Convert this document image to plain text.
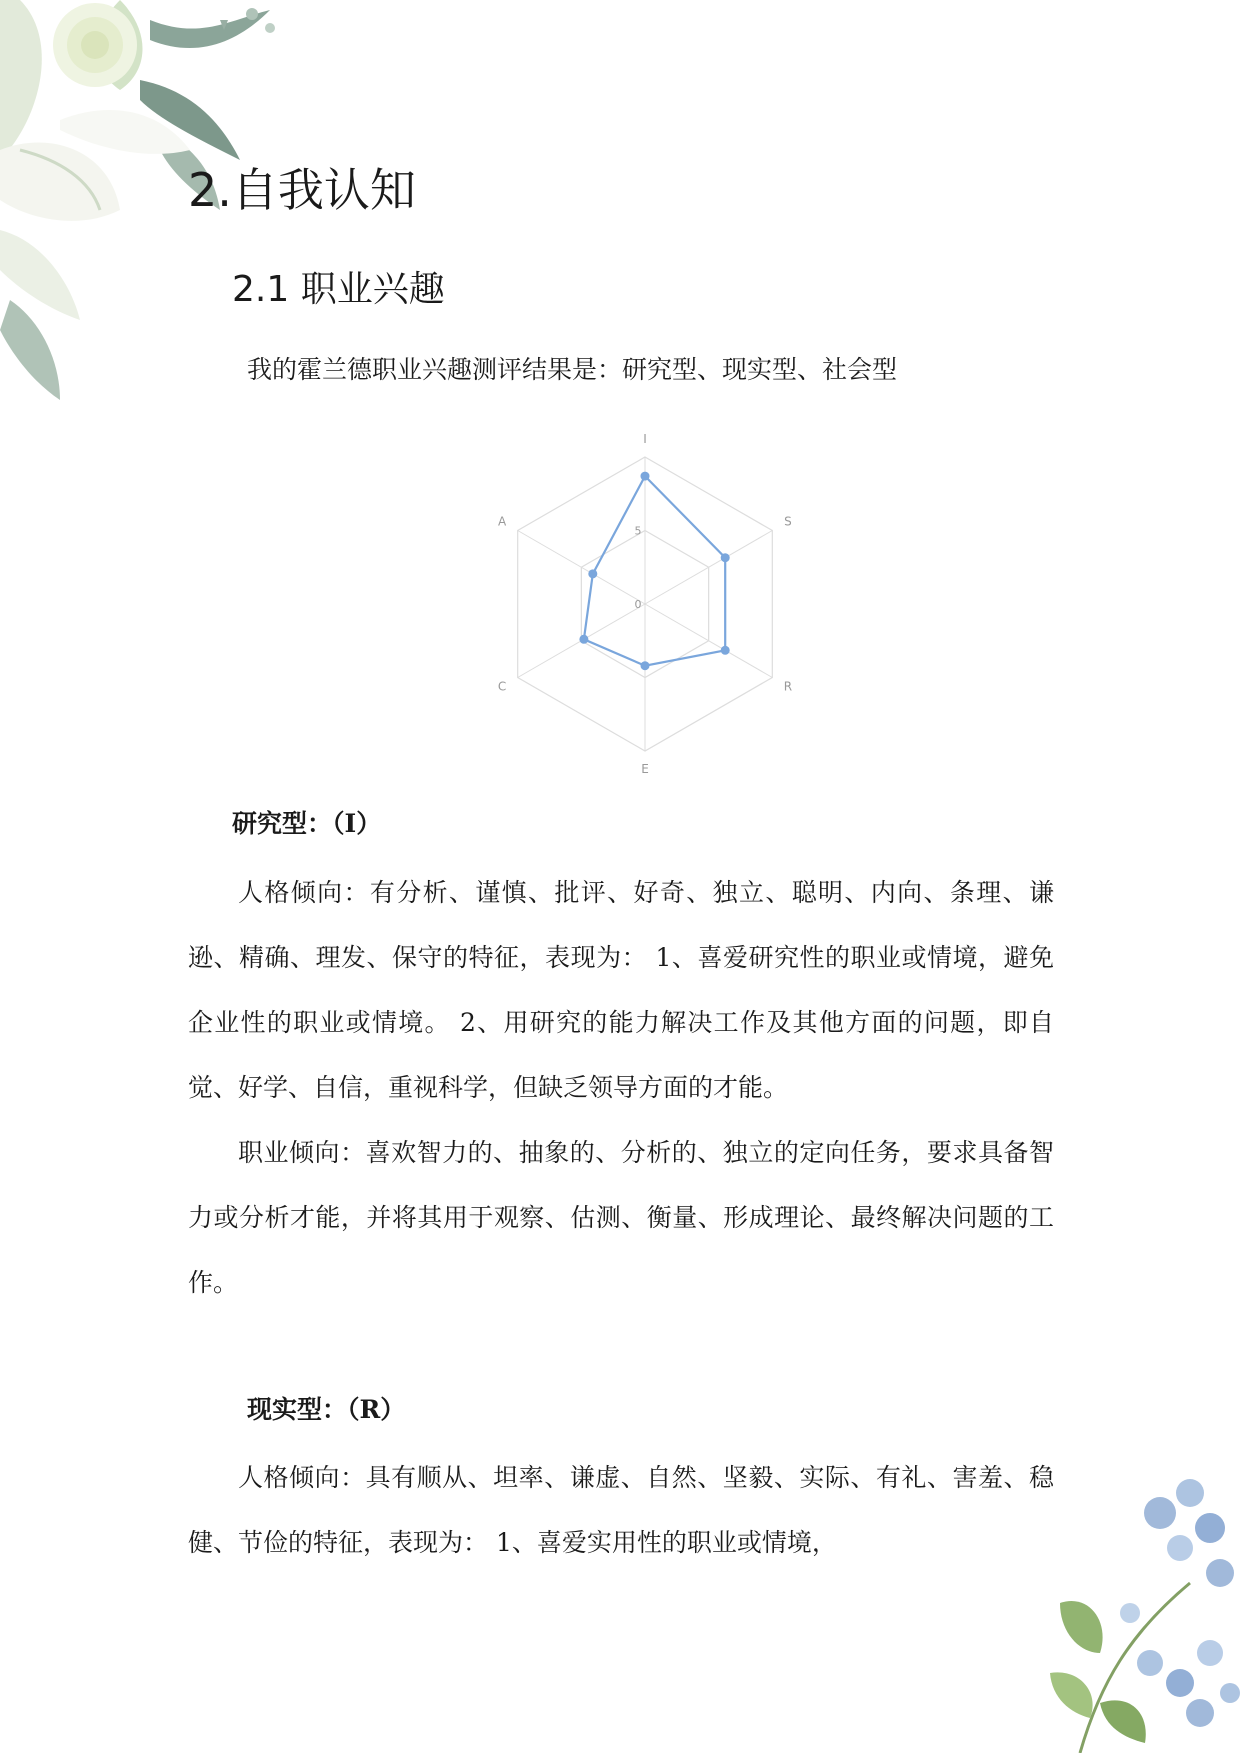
2.自我认知
2.1 职业兴趣
我的霍兰德职业兴趣测评结果是：研究型、现实型、社会型
0
5
I
S
R
E
C
A
研究型：（I）

人格倾向：有分析、谨慎、批评、好奇、独立、聪明、内向、条理、谦逊、精确、理发、保守的特征，表现为： 1、喜爱研究性的职业或情境，避免企业性的职业或情境。 2、用研究的能力解决工作及其他方面的问题，即自觉、好学、自信，重视科学，但缺乏领导方面的才能。

职业倾向：喜欢智力的、抽象的、分析的、独立的定向任务，要求具备智力或分析才能，并将其用于观察、估测、衡量、形成理论、最终解决问题的工作。

现实型：（R）

人格倾向：具有顺从、坦率、谦虚、自然、坚毅、实际、有礼、害羞、稳健、节俭的特征，表现为： 1、喜爱实用性的职业或情境，
